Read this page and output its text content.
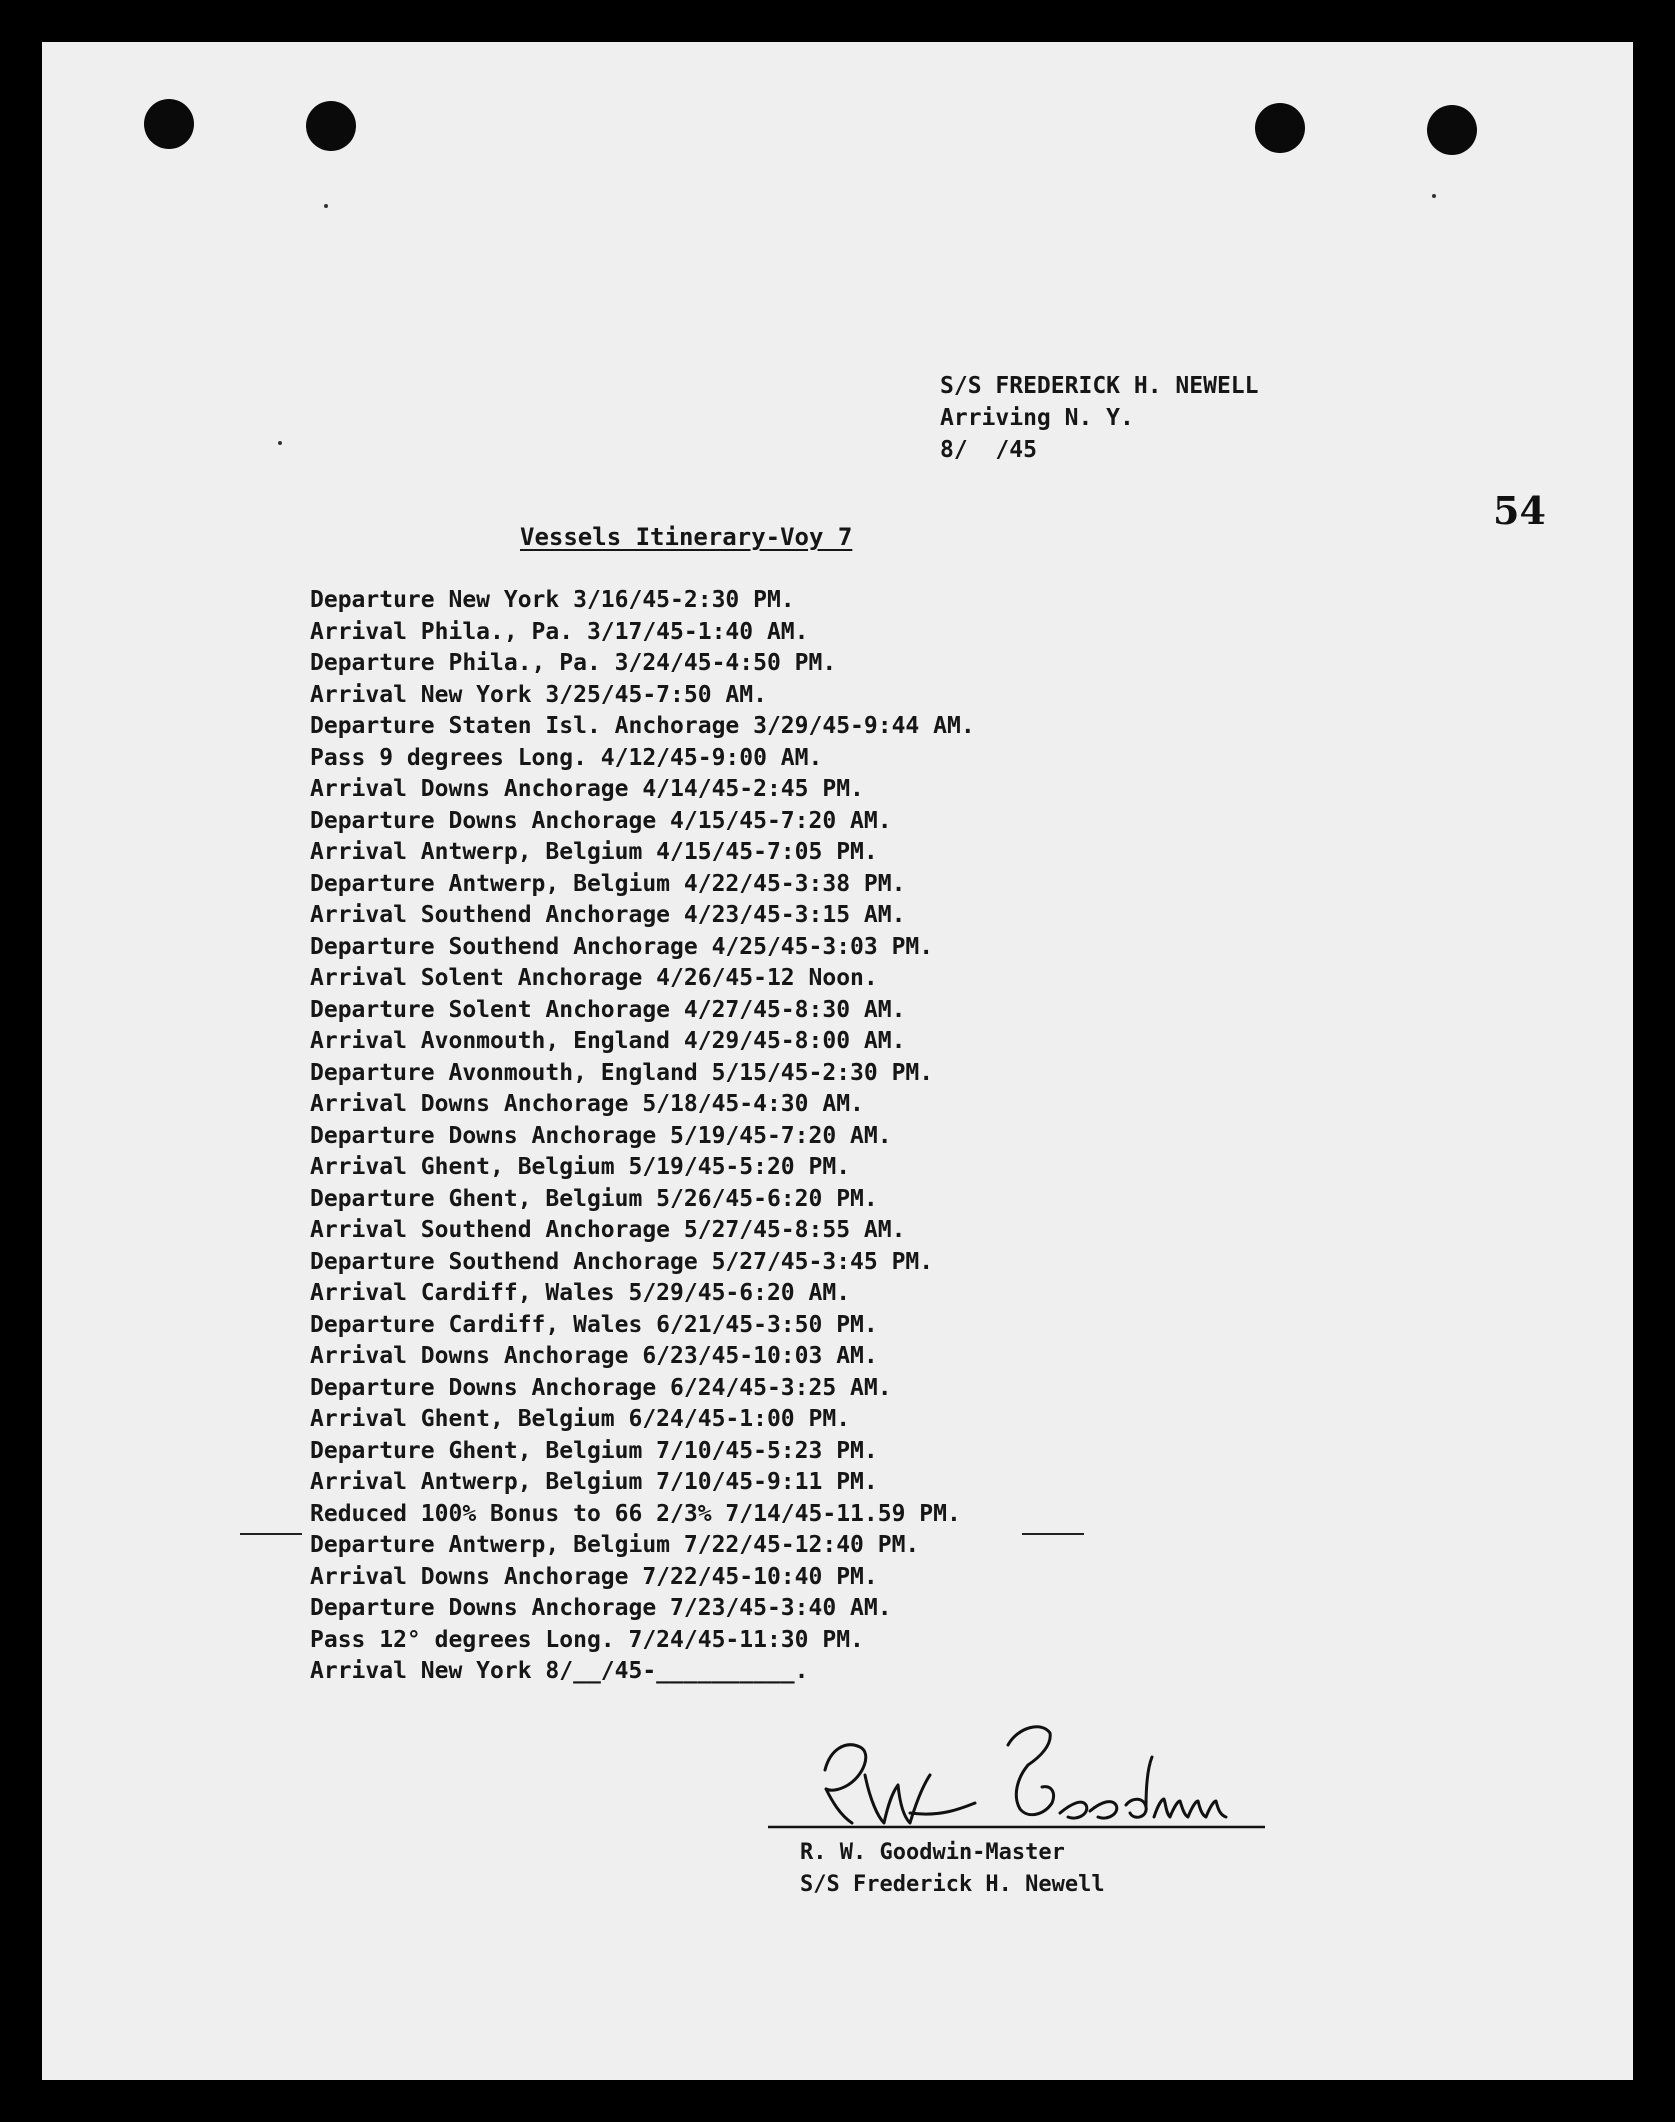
S/S FREDERICK H. NEWELL
Arriving N. Y.
8/  /45
54
Vessels Itinerary-Voy 7
Departure New York 3/16/45-2:30 PM.
Arrival Phila., Pa. 3/17/45-1:40 AM.
Departure Phila., Pa. 3/24/45-4:50 PM.
Arrival New York 3/25/45-7:50 AM.
Departure Staten Isl. Anchorage 3/29/45-9:44 AM.
Pass 9 degrees Long. 4/12/45-9:00 AM.
Arrival Downs Anchorage 4/14/45-2:45 PM.
Departure Downs Anchorage 4/15/45-7:20 AM.
Arrival Antwerp, Belgium 4/15/45-7:05 PM.
Departure Antwerp, Belgium 4/22/45-3:38 PM.
Arrival Southend Anchorage 4/23/45-3:15 AM.
Departure Southend Anchorage 4/25/45-3:03 PM.
Arrival Solent Anchorage 4/26/45-12 Noon.
Departure Solent Anchorage 4/27/45-8:30 AM.
Arrival Avonmouth, England 4/29/45-8:00 AM.
Departure Avonmouth, England 5/15/45-2:30 PM.
Arrival Downs Anchorage 5/18/45-4:30 AM.
Departure Downs Anchorage 5/19/45-7:20 AM.
Arrival Ghent, Belgium 5/19/45-5:20 PM.
Departure Ghent, Belgium 5/26/45-6:20 PM.
Arrival Southend Anchorage 5/27/45-8:55 AM.
Departure Southend Anchorage 5/27/45-3:45 PM.
Arrival Cardiff, Wales 5/29/45-6:20 AM.
Departure Cardiff, Wales 6/21/45-3:50 PM.
Arrival Downs Anchorage 6/23/45-10:03 AM.
Departure Downs Anchorage 6/24/45-3:25 AM.
Arrival Ghent, Belgium 6/24/45-1:00 PM.
Departure Ghent, Belgium 7/10/45-5:23 PM.
Arrival Antwerp, Belgium 7/10/45-9:11 PM.
Reduced 100% Bonus to 66 2/3% 7/14/45-11.59 PM.
Departure Antwerp, Belgium 7/22/45-12:40 PM.
Arrival Downs Anchorage 7/22/45-10:40 PM.
Departure Downs Anchorage 7/23/45-3:40 AM.
Pass 12° degrees Long. 7/24/45-11:30 PM.
Arrival New York 8/__/45-__________.
R. W. Goodwin-Master
S/S Frederick H. Newell
